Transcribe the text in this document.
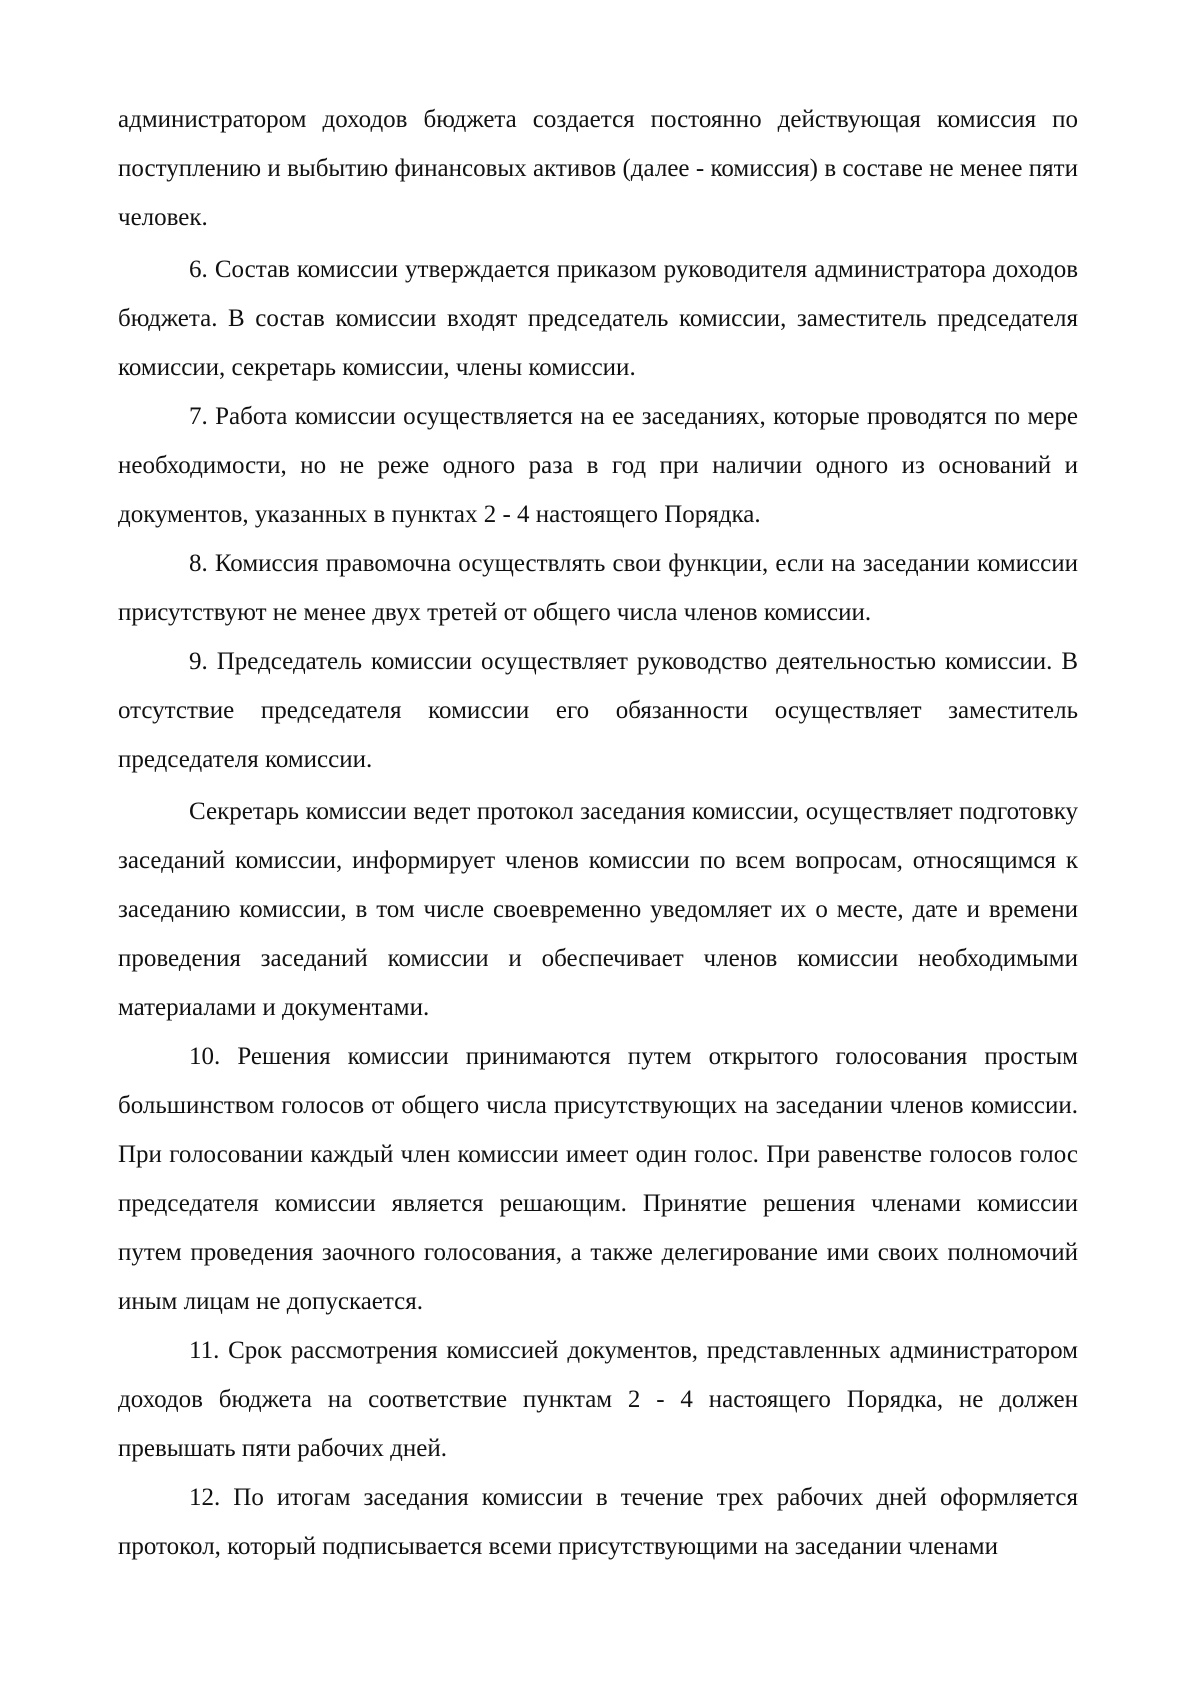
администратором доходов бюджета создается постоянно действующая комиссия по поступлению и выбытию финансовых активов (далее - комиссия) в составе не менее пяти человек.

6. Состав комиссии утверждается приказом руководителя администратора доходов бюджета. В состав комиссии входят председатель комиссии, заместитель председателя комиссии, секретарь комиссии, члены комиссии.

7. Работа комиссии осуществляется на ее заседаниях, которые проводятся по мере необходимости, но не реже одного раза в год при наличии одного из оснований и документов, указанных в пунктах 2 - 4 настоящего Порядка.

8. Комиссия правомочна осуществлять свои функции, если на заседании комиссии присутствуют не менее двух третей от общего числа членов комиссии.

9. Председатель комиссии осуществляет руководство деятельностью комиссии. В отсутствие председателя комиссии его обязанности осуществляет заместитель председателя комиссии.

Секретарь комиссии ведет протокол заседания комиссии, осуществляет подготовку заседаний комиссии, информирует членов комиссии по всем вопросам, относящимся к заседанию комиссии, в том числе своевременно уведомляет их о месте, дате и времени проведения заседаний комиссии и обеспечивает членов комиссии необходимыми материалами и документами.

10. Решения комиссии принимаются путем открытого голосования простым большинством голосов от общего числа присутствующих на заседании членов комиссии. При голосовании каждый член комиссии имеет один голос. При равенстве голосов голос председателя комиссии является решающим. Принятие решения членами комиссии путем проведения заочного голосования, а также делегирование ими своих полномочий иным лицам не допускается.

11. Срок рассмотрения комиссией документов, представленных администратором доходов бюджета на соответствие пунктам 2 - 4 настоящего Порядка, не должен превышать пяти рабочих дней.

12. По итогам заседания комиссии в течение трех рабочих дней оформляется протокол, который подписывается всеми присутствующими на заседании членами
